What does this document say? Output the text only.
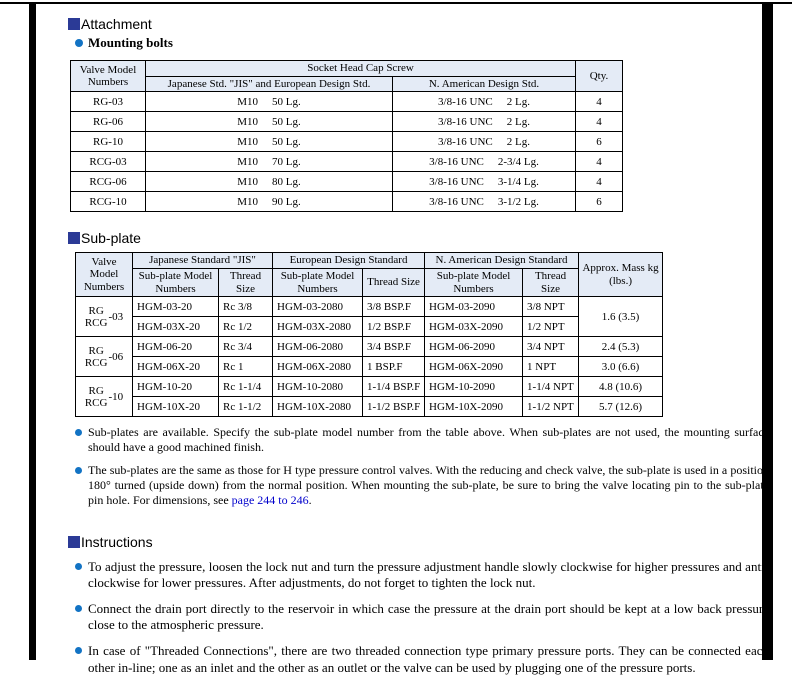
Attachment
Mounting bolts
Valve Model Numbers	Socket Head Cap Screw		Qty.
	Japanese Std. "JIS" and European Design Std.	N. American Design Std.	
RG-03	M10 50 Lg.	3/8-16 UNC 2 Lg.	4
RG-06	M10 50 Lg.	3/8-16 UNC 2 Lg.	4
RG-10	M10 50 Lg.	3/8-16 UNC 2 Lg.	6
RCG-03	M10 70 Lg.	3/8-16 UNC 2-3/4 Lg.	4
RCG-06	M10 80 Lg.	3/8-16 UNC 3-1/4 Lg.	4
RCG-10	M10 90 Lg.	3/8-16 UNC 3-1/2 Lg.	6
Sub-plate
Valve Model Numbers	Japanese Standard "JIS"		European Design Standard		N. American Design Standard		Approx. Mass kg (lbs.)
	Sub-plate Model Numbers	Thread Size	Sub-plate Model Numbers	Thread Size	Sub-plate Model Numbers	Thread Size	
RG
RCG-03	HGM-03-20	Rc 3/8	HGM-03-2080	3/8 BSP.F	HGM-03-2090	3/8 NPT	1.6 (3.5)
	HGM-03X-20	Rc 1/2	HGM-03X-2080	1/2 BSP.F	HGM-03X-2090	1/2 NPT	
RG
RCG-06	HGM-06-20	Rc 3/4	HGM-06-2080	3/4 BSP.F	HGM-06-2090	3/4 NPT	2.4 (5.3)
	HGM-06X-20	Rc 1	HGM-06X-2080	1 BSP.F	HGM-06X-2090	1 NPT	3.0 (6.6)
RG
RCG-10	HGM-10-20	Rc 1-1/4	HGM-10-2080	1-1/4 BSP.F	HGM-10-2090	1-1/4 NPT	4.8 (10.6)
	HGM-10X-20	Rc 1-1/2	HGM-10X-2080	1-1/2 BSP.F	HGM-10X-2090	1-1/2 NPT	5.7 (12.6)

Sub-plates are available. Specify the sub-plate model number from the table above. When sub-plates are not used, the mounting surface should have a good machined finish.

The sub-plates are the same as those for H type pressure control valves. With the reducing and check valve, the sub-plate is used in a position 180° turned (upside down) from the normal position. When mounting the sub-plate, be sure to bring the valve locating pin to the sub-plate pin hole. For dimensions, see page 244 to 246.

Instructions

To adjust the pressure, loosen the lock nut and turn the pressure adjustment handle slowly clockwise for higher pressures and anti-clockwise for lower pressures. After adjustments, do not forget to tighten the lock nut.

Connect the drain port directly to the reservoir in which case the pressure at the drain port should be kept at a low back pressure close to the atmospheric pressure.

In case of "Threaded Connections", there are two threaded connection type primary pressure ports. They can be connected each other in-line; one as an inlet and the other as an outlet or the valve can be used by plugging one of the pressure ports.
